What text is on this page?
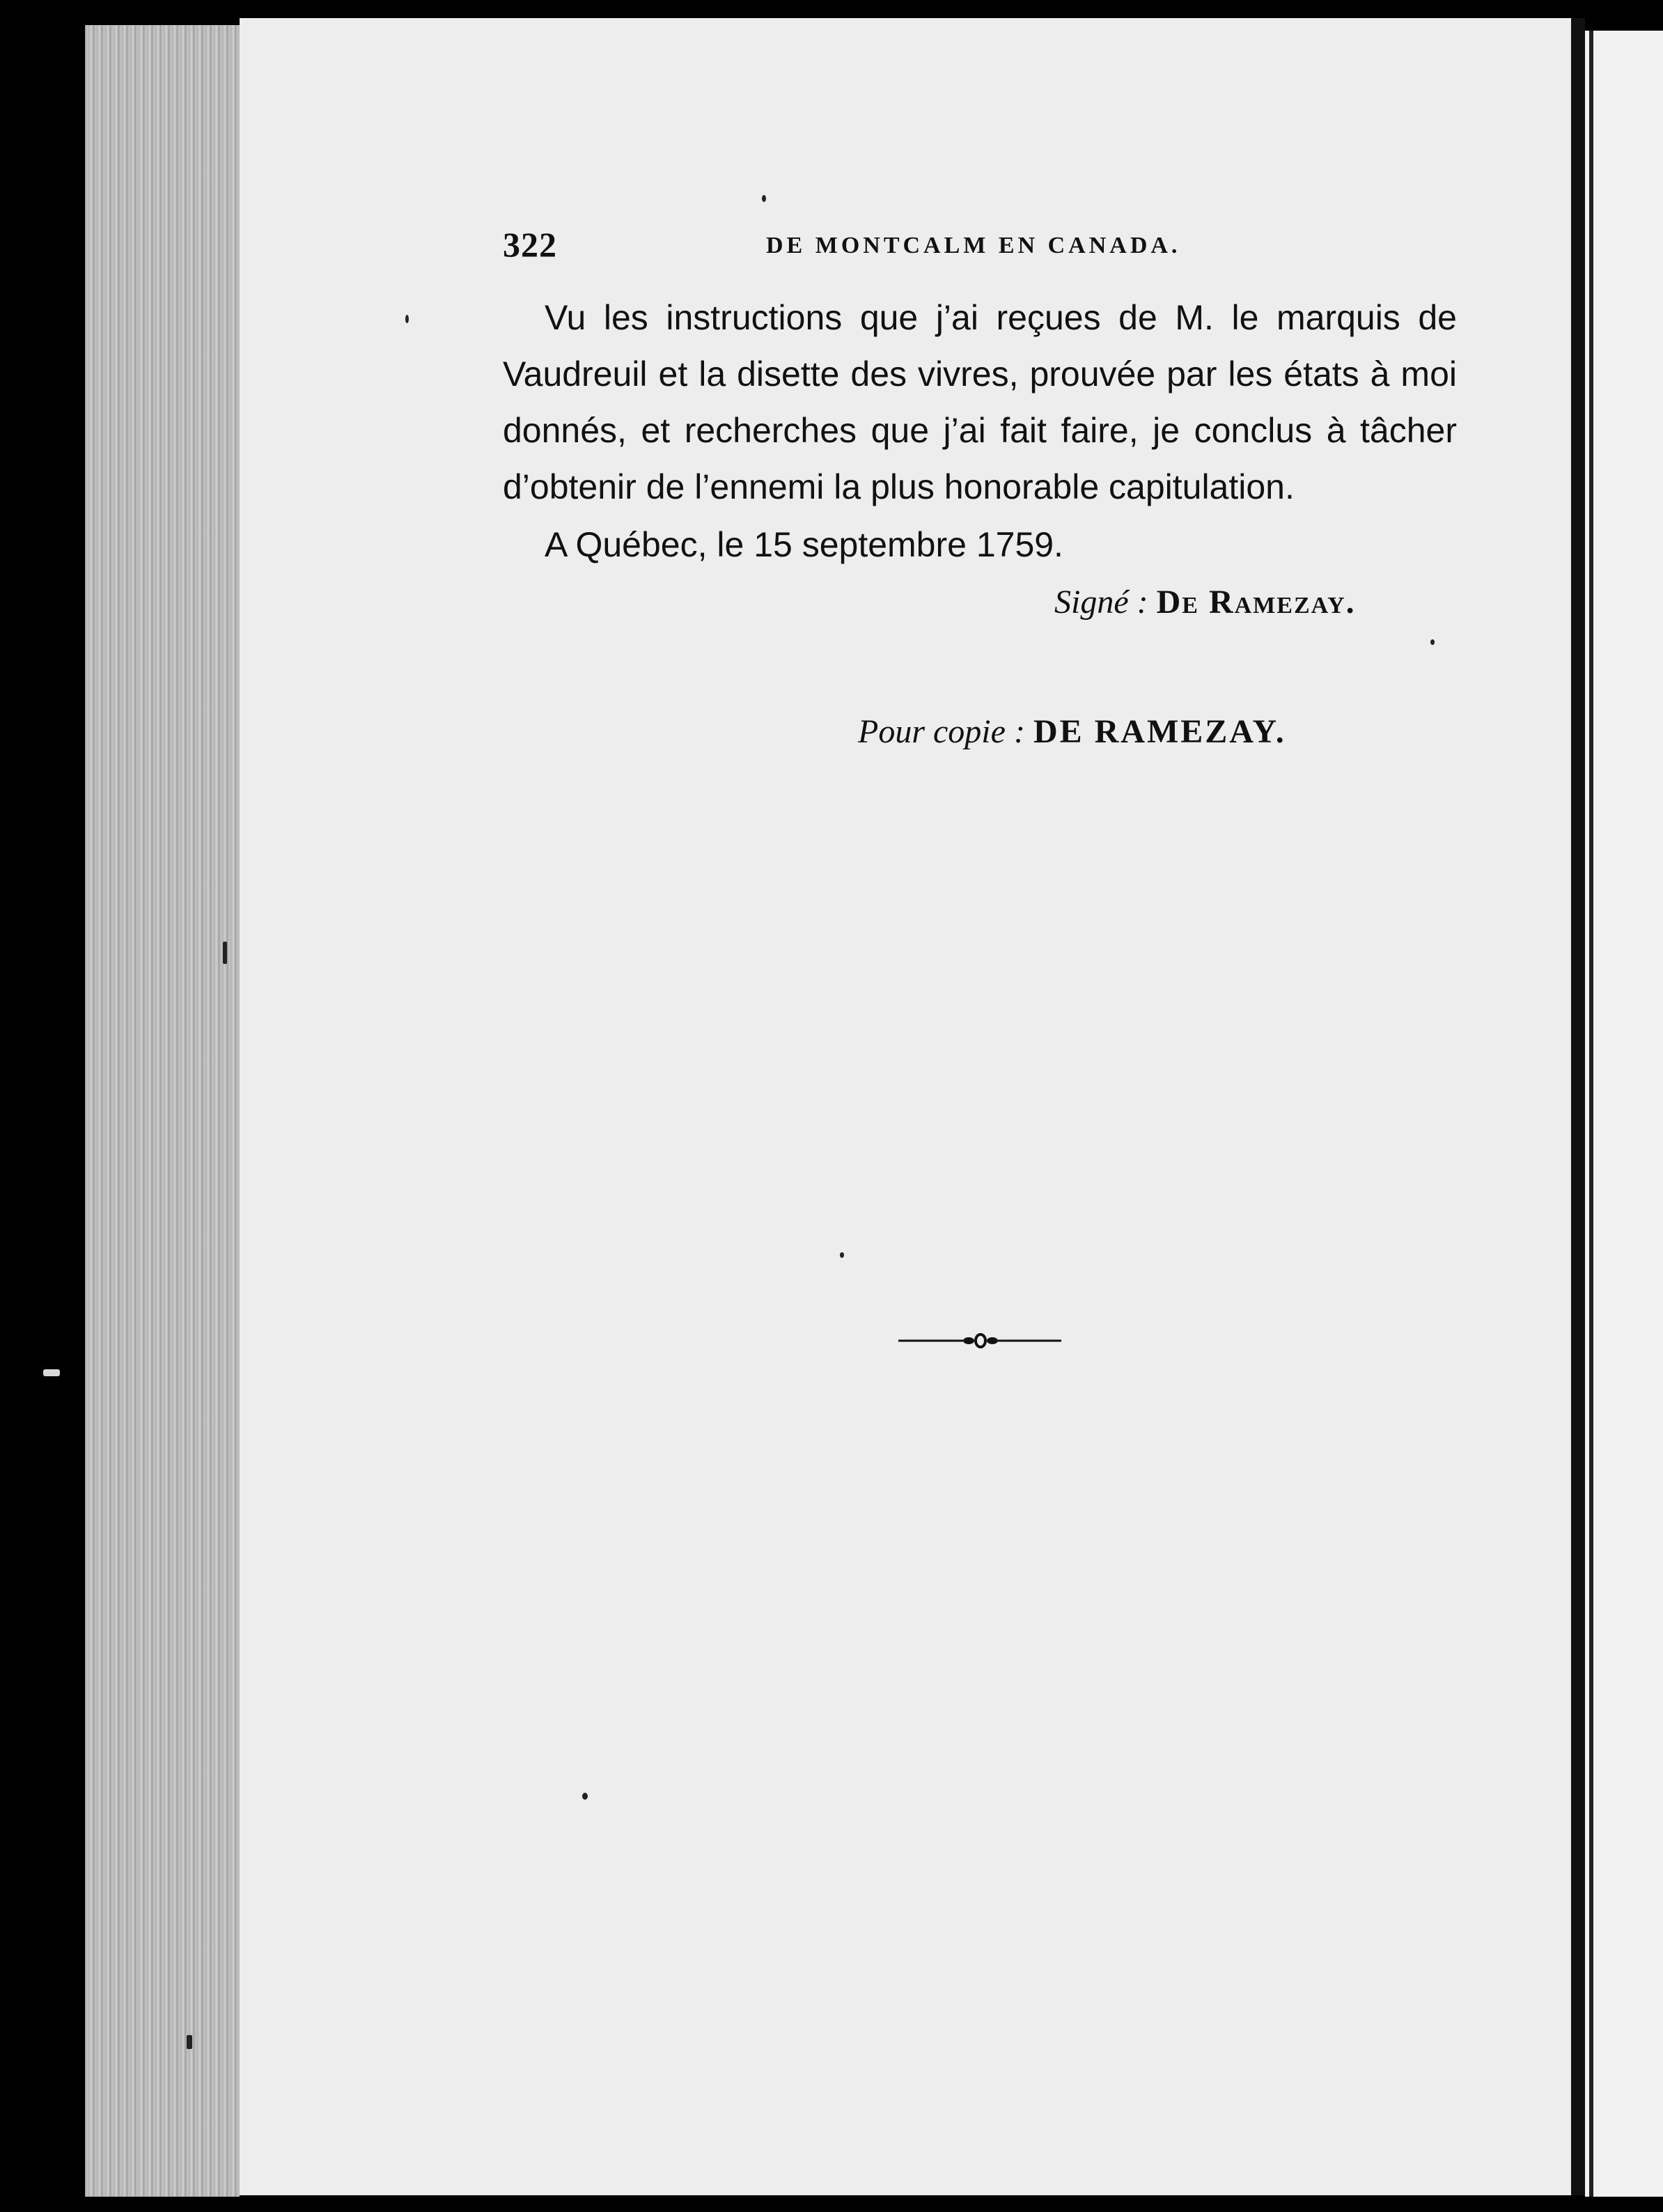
322	DE MONTCALM EN CANADA.

Vu les instructions que j’ai reçues de M. le marquis de Vaudreuil et la disette des vivres, prouvée par les états à moi donnés, et recherches que j’ai fait faire, je conclus à tâcher d’obtenir de l’ennemi la plus honorable capitulation.

A Québec, le 15 septembre 1759.
Signé : De Ramezay.
Pour copie : DE RAMEZAY.
